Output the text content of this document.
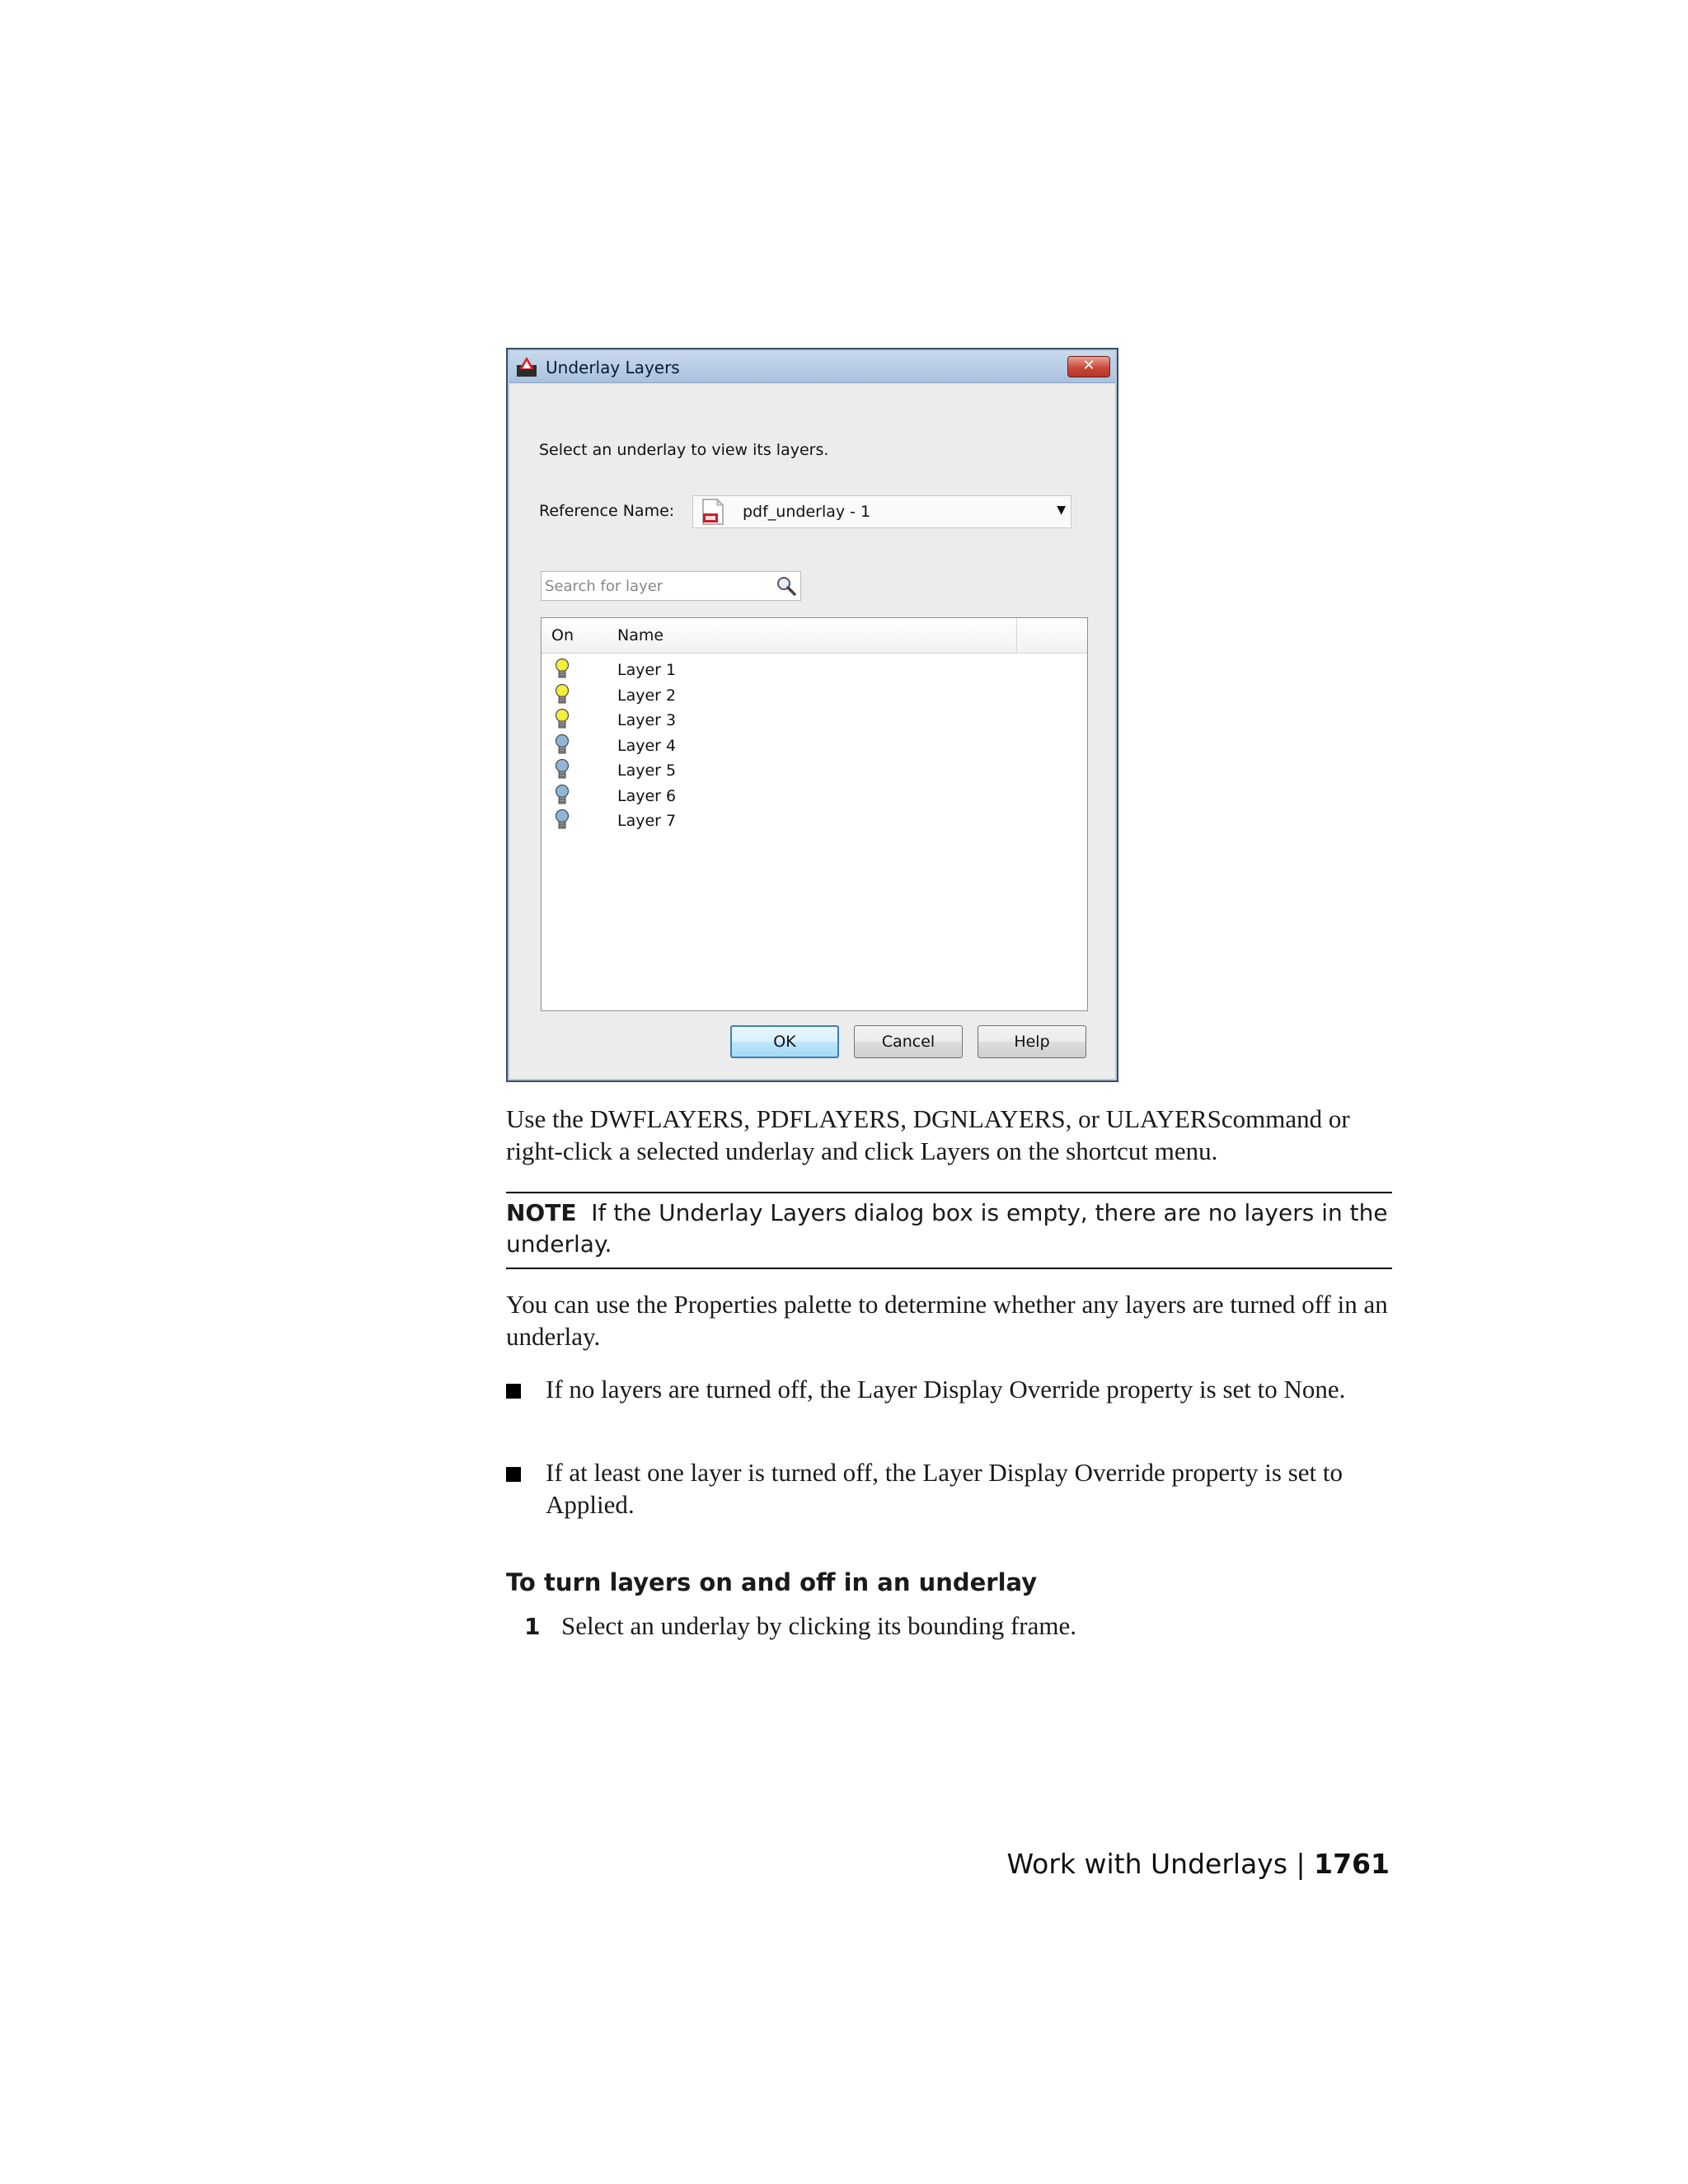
Underlay Layers	✕
Select an underlay to view its layers.
Reference Name:	pdf_underlay - 1	▼
Search for layer
On	Name
Layer 1
Layer 2
Layer 3
Layer 4
Layer 5
Layer 6
Layer 7
OK	Cancel	Help

Use the DWFLAYERS, PDFLAYERS, DGNLAYERS, or ULAYERScommand or right-click a selected underlay and click Layers on the shortcut menu.

NOTE If the Underlay Layers dialog box is empty, there are no layers in the underlay.

You can use the Properties palette to determine whether any layers are turned off in an underlay.

If no layers are turned off, the Layer Display Override property is set to None.

If at least one layer is turned off, the Layer Display Override property is set to Applied.

To turn layers on and off in an underlay
1 Select an underlay by clicking its bounding frame.
Work with Underlays | 1761
